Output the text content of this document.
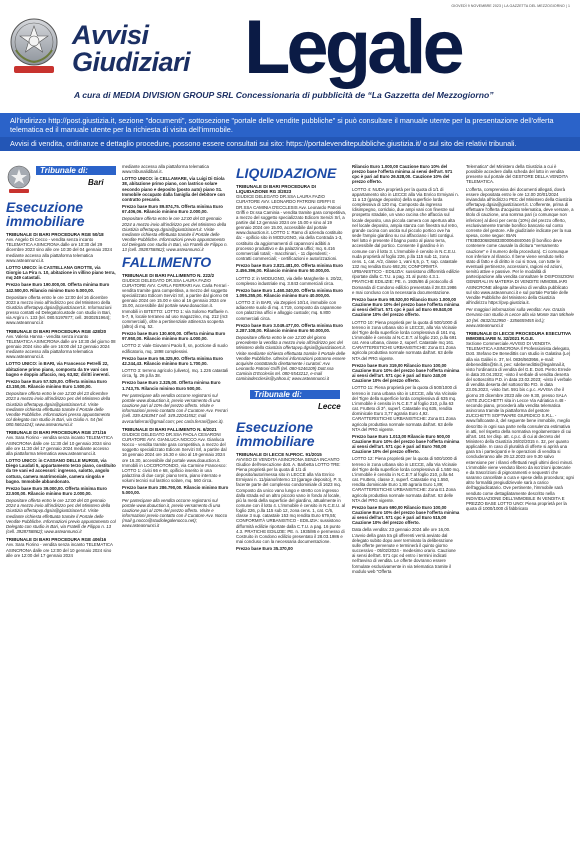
GIOVEDÌ 9 NOVEMBRE 2023 | LA GAZZETTA DEL MEZZOGIORNO | 1
Avvisi
Giudiziari Legale
A cura di MEDIA DIVISION GROUP SRL Concessionaria di pubblicità de “La Gazzetta del Mezzogiorno”
All'indirizzo http://post.giustizia.it, sezione "documenti", sottosezione "portale delle vendite pubbliche" si può consultare il manuale utente per la presentazione dell'offerta telematica ed il manuale utente per la richiesta di visita dell'immobile.
Avvisi di vendita, ordinanze e dettaglio procedure, possono essere consultati sui sito: https://portalevenditepubbliche.giustizia.it/ o sul sito dei relativi tribunali.
Tribunale di:
Bari
Esecuzione immobiliare
TRIBUNALE DI BARI PROCEDURA RGE 50/18

Avv. Angelo Di Cecco - vendita senza incanto TELEMATICA ASINCRONA dalle ore 10:30 del 29 dicembre 2023 sino alle ore 10:30 del 04 gennaio 2024 mediante accesso alla piattaforma telematica www.asteannunci.it.

LOTTO UNICO: in CASTELLANA GROTTE, via Giorgio La Pira n. 10, abitazione in villino piano terra, mq 249 catastali.

Prezzo base Euro 190.000,00. Offerta minima Euro 142.500,00. Rilancio minimo Euro 5.000,00.

Depositare offerta entro le ore 12:00 del 16 dicembre 2023 a mezzo invio all'indirizzo pec del Ministero della Giustizia offertapvp.dgsia@giustiziacert.it. Informazioni presso contatti ed Delegato/custode con studio in Bari, via Argiro n. 133 (tel. 080.5197877; cell. 3930251964); www.asteannunci.it

TRIBUNALE DI BARI PROCEDURA RGE 428/20

Avv. Valeria Hanna - vendita senza incanto TELEMATICA ASINCRONA dalle ore 10:30 del giorno 08 gennaio 2024 sino alle ore 16:00 del 12 gennaio 2024 mediante accesso alla piattaforma telematica www.asteannunci.it.

LOTTO UNICO: in BARI, via Francesco Petrelli 22, abitazione primo piano, composta da tre vani con bagno e doppio affaccio, mq. 63,82; diritti inerenti.

Prezzo base Euro 57.525,00. Offerta minima Euro 43.150,00. Rilancio minimo Euro 1.500,00.

Depositare offerta entro le ore 12:00 del 23 dicembre 2023 a mezzo invio all'indirizzo pec del Ministero della Giustizia offertapvp.dgsia@giustiziacert.it. Visite mediante richiesta effettuata tramite il Portale delle Vendite Pubbliche. Informazioni presso appuntamento col delegato con studio in Bari, via Giulio n. 54 (tel. 080.5661424); www.asteannunci.it

TRIBUNALE DI BARI PROCEDURA RGE 271/16

Avv. Sara Fiorino - vendita senza incanto TELEMATICA ASINCRONA dalle ore 11:30 del 10 gennaio 2024 sino alle ore 11:30 del 17 gennaio 2024 mediante accesso alla piattaforma telematica www.asteannunci.it.

LOTTO UNICO: in CASSANO DELLE MURGE, via Diego Laudati 5, appartamento terzo piano, costituito da tre vani ed accessori: ingresso, salotto, angolo cottura, camera matrimoniale, camera singola e bagno. Immobile abbandonato.

Prezzo base Euro 39.000,00. Offerta minima Euro 22.500,00. Rilancio minimo Euro 2.000,00.

Depositare offerta entro le ore 12:00 del 03 gennaio 2024 a mezzo invio all'indirizzo pec del Ministero della Giustizia offertapvp.dgsia@giustiziacert.it. Visite mediante richiesta effettuata tramite il Portale delle Vendite Pubbliche. Informazioni previo appuntamento col Delegato con studio in Bari, via Fratelli de Filippo n. 13 (cell. 3928758862); www.asteannunci.it

TRIBUNALE DI BARI PROCEDURA RGE 406/16

Avv. Sara Fiorino - vendita senza incanto TELEMATICA ASINCRONA dalle ore 12:00 del 10 gennaio 2024 sino alle ore 12:00 del 17 gennaio 2024

mediante accesso alla piattaforma telematica www.tribunalidibari.it.

LOTTO UNICO: in CELLAMARE, via Luigi Di Giola 38, abitazione primo piano, con lastrico solare secondo piano e deposito (posto auto) piano S1. Immobile occupato dalla famiglia del debitore con contratto precario.

Prezzo base Euro 89.874,75. Offerta minima Euro 67.406,06. Rilancio minimo Euro 2.000,00.

Depositare offerta entro le ore 12:00 del 03 gennaio 2024 a mezzo invio all'indirizzo pec del Ministero della Giustizia offertapvp.dgsia@giustiziacert.it. Visite mediante richiesta effettuata tramite il Portale delle Vendite Pubbliche. Informazioni previo appuntamento col Delegato con studio in Bari, via Fratelli de Filippo n. 13 (cell. 3928758862); www.asteannunci.it

FALLIMENTO
TRIBUNALE DI BARI FALLIMENTO N. 222/2

GIUDICE DELEGATO DR.SSA LAURA FAZIO CURATORE AVV. CARLA FERRARI Avv. Carla Ferrari - vendita tramite gara competitiva, a mezzo del soggetto specializzato Edicom Servizi Srl, a partire dal giorno 08 gennaio 2024 ore 15.00 e sino al 16 gennaio 2024 ore 15.00, accessibile dal portale www.doauction.it. Immobili in BITETTO: LOTTO 1: via Solomo Raffaele n. 5-7, 9, locale terraneo ad uso magazzino, mq. 212 (m3 commerciali), oltre a pertinenziale attinenza scoperta (altro) di mq. 52.

Prezzo base Euro 130.600,00. Offerta minima Euro 97.950,00. Rilancio minimo Euro 4.000,00.

LOTTO 2: viale Giovanni Paolo Ⅱ, sn, porzione di suolo edificatorio, mq. 1898 complessivi.

Prezzo base Euro 56.325,90. Offerta minima Euro 42.244,43. Rilancio minimo Euro 1.700,00.

LOTTO 3: terreno agricolo (uliveto), mq. 1.226 catastali circa, fg. 26 p.lla 38.

Prezzo base Euro 2.325,00. Offerta minima Euro 1.743,75. Rilancio minimo Euro 500,00.

Per partecipare alla vendita occorre registrarsi sul portale www.doauction.it, previo versamento di una cauzione pari al 10% del prezzo offerto. Visite e informazioni previo contatto con il Curatore Avv. Ferrari (cell. 339.4263947 cell. 349.22041552; mail avvcarlaferrari@gmail.com; pec carla.ferrari@pec.it).

TRIBUNALE DI BARI FALLIMENTO N. 6/2021

GIUDICE DELEGATO DR.SSA PAOLA CESARONI CURATORE AVV. GIANLUCA NOCCO Avv. Gianluca Nocco - vendita tramite gara competitiva, a mezzo del soggetto specializzato Edicom Servizi Srl, a partire dal 16 gennaio 2024 ore 16.30 e sino al 19 gennaio 2024 ore 16.30, accessibile dal portale www.doauction.it. Immobili in LOCOROTONDO, via Carmine Francesco: LOTTO 1: civici 66 e 68, opificio inserito in una palazzina di due corpi: piano terra, piano interrato e volumi tecnici sul lastrico solare, mq. 560 circa.

Prezzo base Euro 286.790,00. Rilancio minimo Euro 5.000,00.

Per partecipare alla vendita occorre registrarsi sul portale www.doauction.it, previo versamento di una cauzione pari al 10% del prezzo offerto. Visite e informazioni previo contatto con il Curatore Avv. Nocco (mail g.nocco@studiolegalenocco.net); www.asteannunci.it

LIQUIDAZIONE
TRIBUNALE DI BARI PROCEDURA DI LIQUIDAZIONE RG 3/2023

GIUDICE DELEGATO DR.SSA LAURA FAZIO CURATORE AVV. LEONARDO PATRONI GRIFFI E DR.SSA CAMINIA D'ECCLESIS Avv. Leonardo Patroni Griffi e Dr.ssa Caminia - vendita tramite gara competitiva, a mezzo del soggetto specializzato Edicom Servizi Srl, a partire dal 12 gennaio 2024 ore 15.00 e sino al 19 gennaio 2024 ore 15.00, accessibile dal portale www.doauction.it. LOTTO 1: Ramo di azienda costituito da: - opificio sito in MODUGNO, via della Contrada 1-3, costituito da aggiornamenti di capannoni adibiti a processo produttivo e da palazzina uffici; mq. 6.416 commerciali totali; - macchinari, - 11 dipendenti; - contratti commerciali; - certificazioni e autorizzazioni.

Prezzo base Euro 2.821.481,00. Offerta minima Euro 2.456.396,00. Rilancio minimo Euro 50.000,00.

LOTTO 2: in MODUGNO, via delle Margherite n. 20/22, complesso industriale mq. 3.843 commerciali circa.

Prezzo base Euro 1.460.340,00. Offerta minima Euro 1.095.255,00. Rilancio minimo Euro 40.000,00.

LOTTO 3: in BARI, via Zeppieri 10/14, immobile con adiacente suolo di mq. 4.719, composto da capannone con palazzina uffici e alloggio custode; mq. 6.800 commerciali circa.

Prezzo base Euro 3.049.477,00. Offerta minima Euro 2.287.108,00. Rilancio minimo Euro 50.000,00.

Depositare offerta entro le ore 12:00 del giorno precedente la vendita a mezzo invio all'indirizzo pec del Ministero della Giustizia offertapvp.dgsia@giustiziacert.it. Visite mediante richiesta effettuata tramite il Portale delle Vendite Pubbliche. Ulteriori informazioni potranno essere acquisite contattando direttamente i curatori: Avv. Leonardo Patroni Griffi (tel. 080-5246109) Dott.ssa Caminia D'Ecclesiis tel. 080-5543212, e-mail caminiadecclesiis@yahoo.it; www.asteannunci.it

Tribunale di:
Lecce
Esecuzione immobiliare
TRIBUNALE DI LECCE N.PROC. 91/2015

AVVISO DI VENDITA ASINCRONA SENZA INCANTO Giudice dell'esecuzione dott. A. Barbetta LOTTO TRE: Piena proprietà per la quota di 1/1 di deposito/autorimessa sito in LECCE alla Via Enrico Ermiyani n. 11/piano/interno 13 (garage deposito), P. S, facente parte del complesso condominiale di 1623 mq. Composto da unico vano lungo e stretto con ingresso dalla strada ed un altro piccolo vano in fondo al locale, più la metà della superficie del giardino, attualmente in comune con il lotto 4. L'immobile è censito in N.C.E.U. al foglio 226, p.lla 115 sub 12, zona cens. 1, cat. C/6, classe 3 sup. catastale 153 mq rendita Euro 679,55; CONFORMITÀ URBANISTICO - EDILIZIA: sussistono difformità edilizie riportate dalla C.T.U. a pag. 16 punto 4.3. PRATICHE EDILIZIE: PE. n. 1935/86 e permesso di Costruito in Condono edilizio presentato il 28.03.1986 e mai concluso con la necessaria documentazione.

Prezzo base Euro 35.370,00

Rilancio Euro 1.000,00 Cauzione Euro 10% del prezzo base l'offerta minima ai sensi dell'art. 571 cpc è pari ad Euro 26.528,00. Cauzione 10% del prezzo offerto.

LOTTO 4: NUDA proprietà per la quota di 1/1 di appartamento sito in LECCE alla Via Enrico Ermiyani n. 11 a 13 (garage deposito) della superficie lorda complessiva di 120 mq. Composto da ingresso /disimpegno, corridoio, due ampi vani con finestre sul prospetto stradale, un vano cucina che affaccia sul locale deposito, una piccola camera con apertura alta nel locale deposito, ampia stanza con finestra sul retro, grande cucina con uscita sul piccolo portico ove ha sede l'ampio giardino su cui affacciano i lotti contigui. Nel lotto è presente il bagno posto al piano terra, accessibile dal portico. Consente il giardino è in comune con il lotto 3. L'immobile è censito in N.C.E.U. nuda proprietà al foglio 226, p.lla 115 sub 11, zona cens. 1, cat. A/2, classe 1, vani 6,5, p. T, sup. catastale 132 mq rendita Euro 692,25; CONFORMITÀ URBANISTICO - EDILIZIA: sussistono difformità edilizie riportate dalla C.T.U. a pag. 21 al punto 4.3.1. PRATICHE EDILIZIE: PE. n. 1935/86 di protocollo di Domanda di Condono edilizio presentata il 28.03.1986 e mai concluso con la necessaria documentazione.

Prezzo base Euro 98.520,00 Rilancio Euro 1.000,00 Cauzione Euro 10% del prezzo base l'offerta minima ai sensi dell'art. 571 cpc è pari ad Euro 69.840,00 Cauzione 10% del prezzo offerto.

LOTTO 10: Piena proprietà per la quota di 500/1000 di terreno in zona urbana sito in LECCE, alla Via Vicinale del Tigre della superficie lorda complessiva di 161 mq. L'immobile è censito al N.C.E.T. al foglio 210, p.lla 691 cat. Area urbana, classe 2, superf. Catastale mq 161. CARATTERISTICHE URBANISTICHE: Zona E1 Zona agricola produttiva normale normata dall'art. 63 delle NTA del PRG vigente.

Prezzo base Euro 319,00 Rilancio Euro 100,00 Cauzione Euro 10% del prezzo base l'offerta minima ai sensi dell'art. 571 cpc è pari ad Euro 240,00 Cauzione 10% del prezzo offerto.

LOTTO 11: Piena proprietà per la quota di 500/1000 di terreno in zona urbana sito in LECCE, alla Via Vicinale del Tigre della superficie lorda complessiva di 635 mq. L'immobile è censito in N.C.E.T al foglio 210, p.lla 63 cat. Frutteto di 3^, superf. Catastale mq 635, rendita dominicale Euro 3,77 agraria Euro 4,92. CARATTERISTICHE URBANISTICHE: Zona E1 Zona agricola produttiva normale normata dall'art. 63 delle NTA del PRG vigente.

Prezzo base Euro 1.013,00 Rilancio Euro 500,00 Cauzione Euro 10% del prezzo base l'offerta minima ai sensi dell'art. 571 cpc è pari ad Euro 760,00 Cauzione 10% del prezzo offerto.

LOTTO 12: Piena proprietà per la quota di 500/1000 di terreno in zona urbana sito in LECCE, alla Via Vicinale del Tigre della superficie lorda complessiva di 1.550 mq. L'immobile è censito in N.C.E.T al foglio 210, p.lla 64 cat. Frutteto, classe 2, superf. Catastale mq 1.550, rendita dominicale Euro 1,80 agraria Euro 1,89; CARATTERISTICHE URBANISTICHE: Zona E1 Zona agricola produttiva normale normata dall'art. 63 delle NTA del PRG vigente.

Prezzo base Euro 690,00 Rilancio Euro 100,00 Cauzione Euro 10% del prezzo base l'offerta minima ai sensi dell'art. 571 cpc è pari ad Euro 515,00 Cauzione 10% del prezzo offerto.

Data della vendita: 23 gennaio 2024 alle ore 16,00. L'avvio della gara tra gli offerenti verrà avviato dal delegato subito dopo aver terminato la deliberazione sulle offerte pervenute e terminerà il quinto giorno successivo - 05/02/2024 - medesimo orario. Cauzione ai sensi dell'art. 571 cpc ed entro i termini indicati nell'avviso di vendita. Le offerte dovranno essere formulate esclusivamente in via telematica tramite il modulo web "Offerta

Telematica" del Ministero della Giustizia a cui è possibile accedere dalla scheda del lotto in vendita presente sul portale del GESTORE DELLA VENDITA TELEMATICA.

L'offerta, comprensiva dei documenti allegati, dovrà essere depositata entro le ore 12.00 20/01/2024 inviandola all'indirizzo PEC del Ministero della Giustizia offertapvp.dgsia@giustiziacert.it. L'offerente, prima di effettuare l'offerta d'acquisto telematica, deve versare, a titolo di cauzione, una somma pari (o comunque non inferiore) al dieci per cento (10%) del prezzo offerto, esclusivamente tramite bonifico bancario sul conto corrente del gestore. Alle giudiziarie indicate per la sua spesa, come segue: IBAN IT93B0306826833000064840046 (il bonifico deve contenere come causale la dicitura "versamento cauzione" e il numero della procedura). Ci comunque non inferiore al rilancio. Il bene viene venduto nello stato di fatto e di diritto in cui si trova, con tutte le eventuali pertinenze, accessioni, ragioni ed azioni, servitù attive e passive. Per le modalità di partecipazione alla vendita consultare le DISPOSIZIONI GENERALI IN MATERIA DI VENDITE IMMOBILIARI ASINCRONE allegate all'avviso di vendita pubblicato sul sito www.asteannunci.it e sul portale Portale delle Vendite Pubbliche del Ministero della Giustizia all'indirizzo https://pvp.giustizia.it.

Per maggiori informazioni sulla vendita: Avv. Grazia Gervaso con studio in Lecce alla via Monte San Michele 10 (tel. 0832/312950 - 3356659455 ind.); www.asteannunci.it

TRIBUNALE DI LECCE PROCEDURA ESECUTIVA IMMOBILIARE N. 32/2021 R.G.E.

Sezione Commerciale AVVISO DI VENDITA TELEMATICA ASINCRONA Il Professionista delegato, Dott. Stefano De Benedittis con studio in Galatina (Le) alla via Galilei n. 37, tel. 0836/563956, e-mail: debenedittis@tin.it, pec: sdebenedittis@legalmail.it, visto l'ordinanza di vendita del G.E. Dott. Pietro Errede in data 20.04.2022; -visto il verbale di vendita deserta del sottoscritto P.D. in data 23.02.2023; -visto il verbale di vendita deserta del sottoscritto P.D. in data 23.05.2023, -visto l'art. 591 bis c.p.c. AVVISA che il giorno 20 dicembre 2023 alle ore 9.30, presso SALA ASTE ZUCCHETTI sita in Lecce Via Adriatica n.48 - secondo piano, procederà alla vendita telematica asincrona tramite la piattaforma del gestore ZUCCHETTI SOFTWARE GIURIDICO S.R.L. - www.fallcoaste.it, del seguente bene immobile, meglio descritto in ogni sua parte nella consulenza estimativa in atti, nel rispetto della normativa regolamentare di cui all'art. 161 ter disp. att. c.p.c. di cui al decreto del Ministero della Giustizia 26/02/2015 n. 32, per quanto applicabile. In caso di pluralità di offerte si aprirà una gara tra i partecipanti e le operazioni di vendita si concluderanno alle 29.12.2023 ore 9.30 salvo estensione per i rilanci effettuati negli ultimi dieci minuti. L'immobile viene venduto libero da iscrizioni ipotecarie e da trascrizioni di pignoramenti e sequestri che saranno cancellate a cura e spese della procedura; ogni altro formalità pregiudizievole sarà a carico dell'aggiudicatario. Ove pertinente, l'immobile sarà venduto come dettagliatamente descritto nella INDIVIDUAZIONE DELL'IMMOBILE IN VENDITA E PREZZO BASE LOTTO UNO: Piena proprietà per la quota di 1000/1000 di fabbricato
